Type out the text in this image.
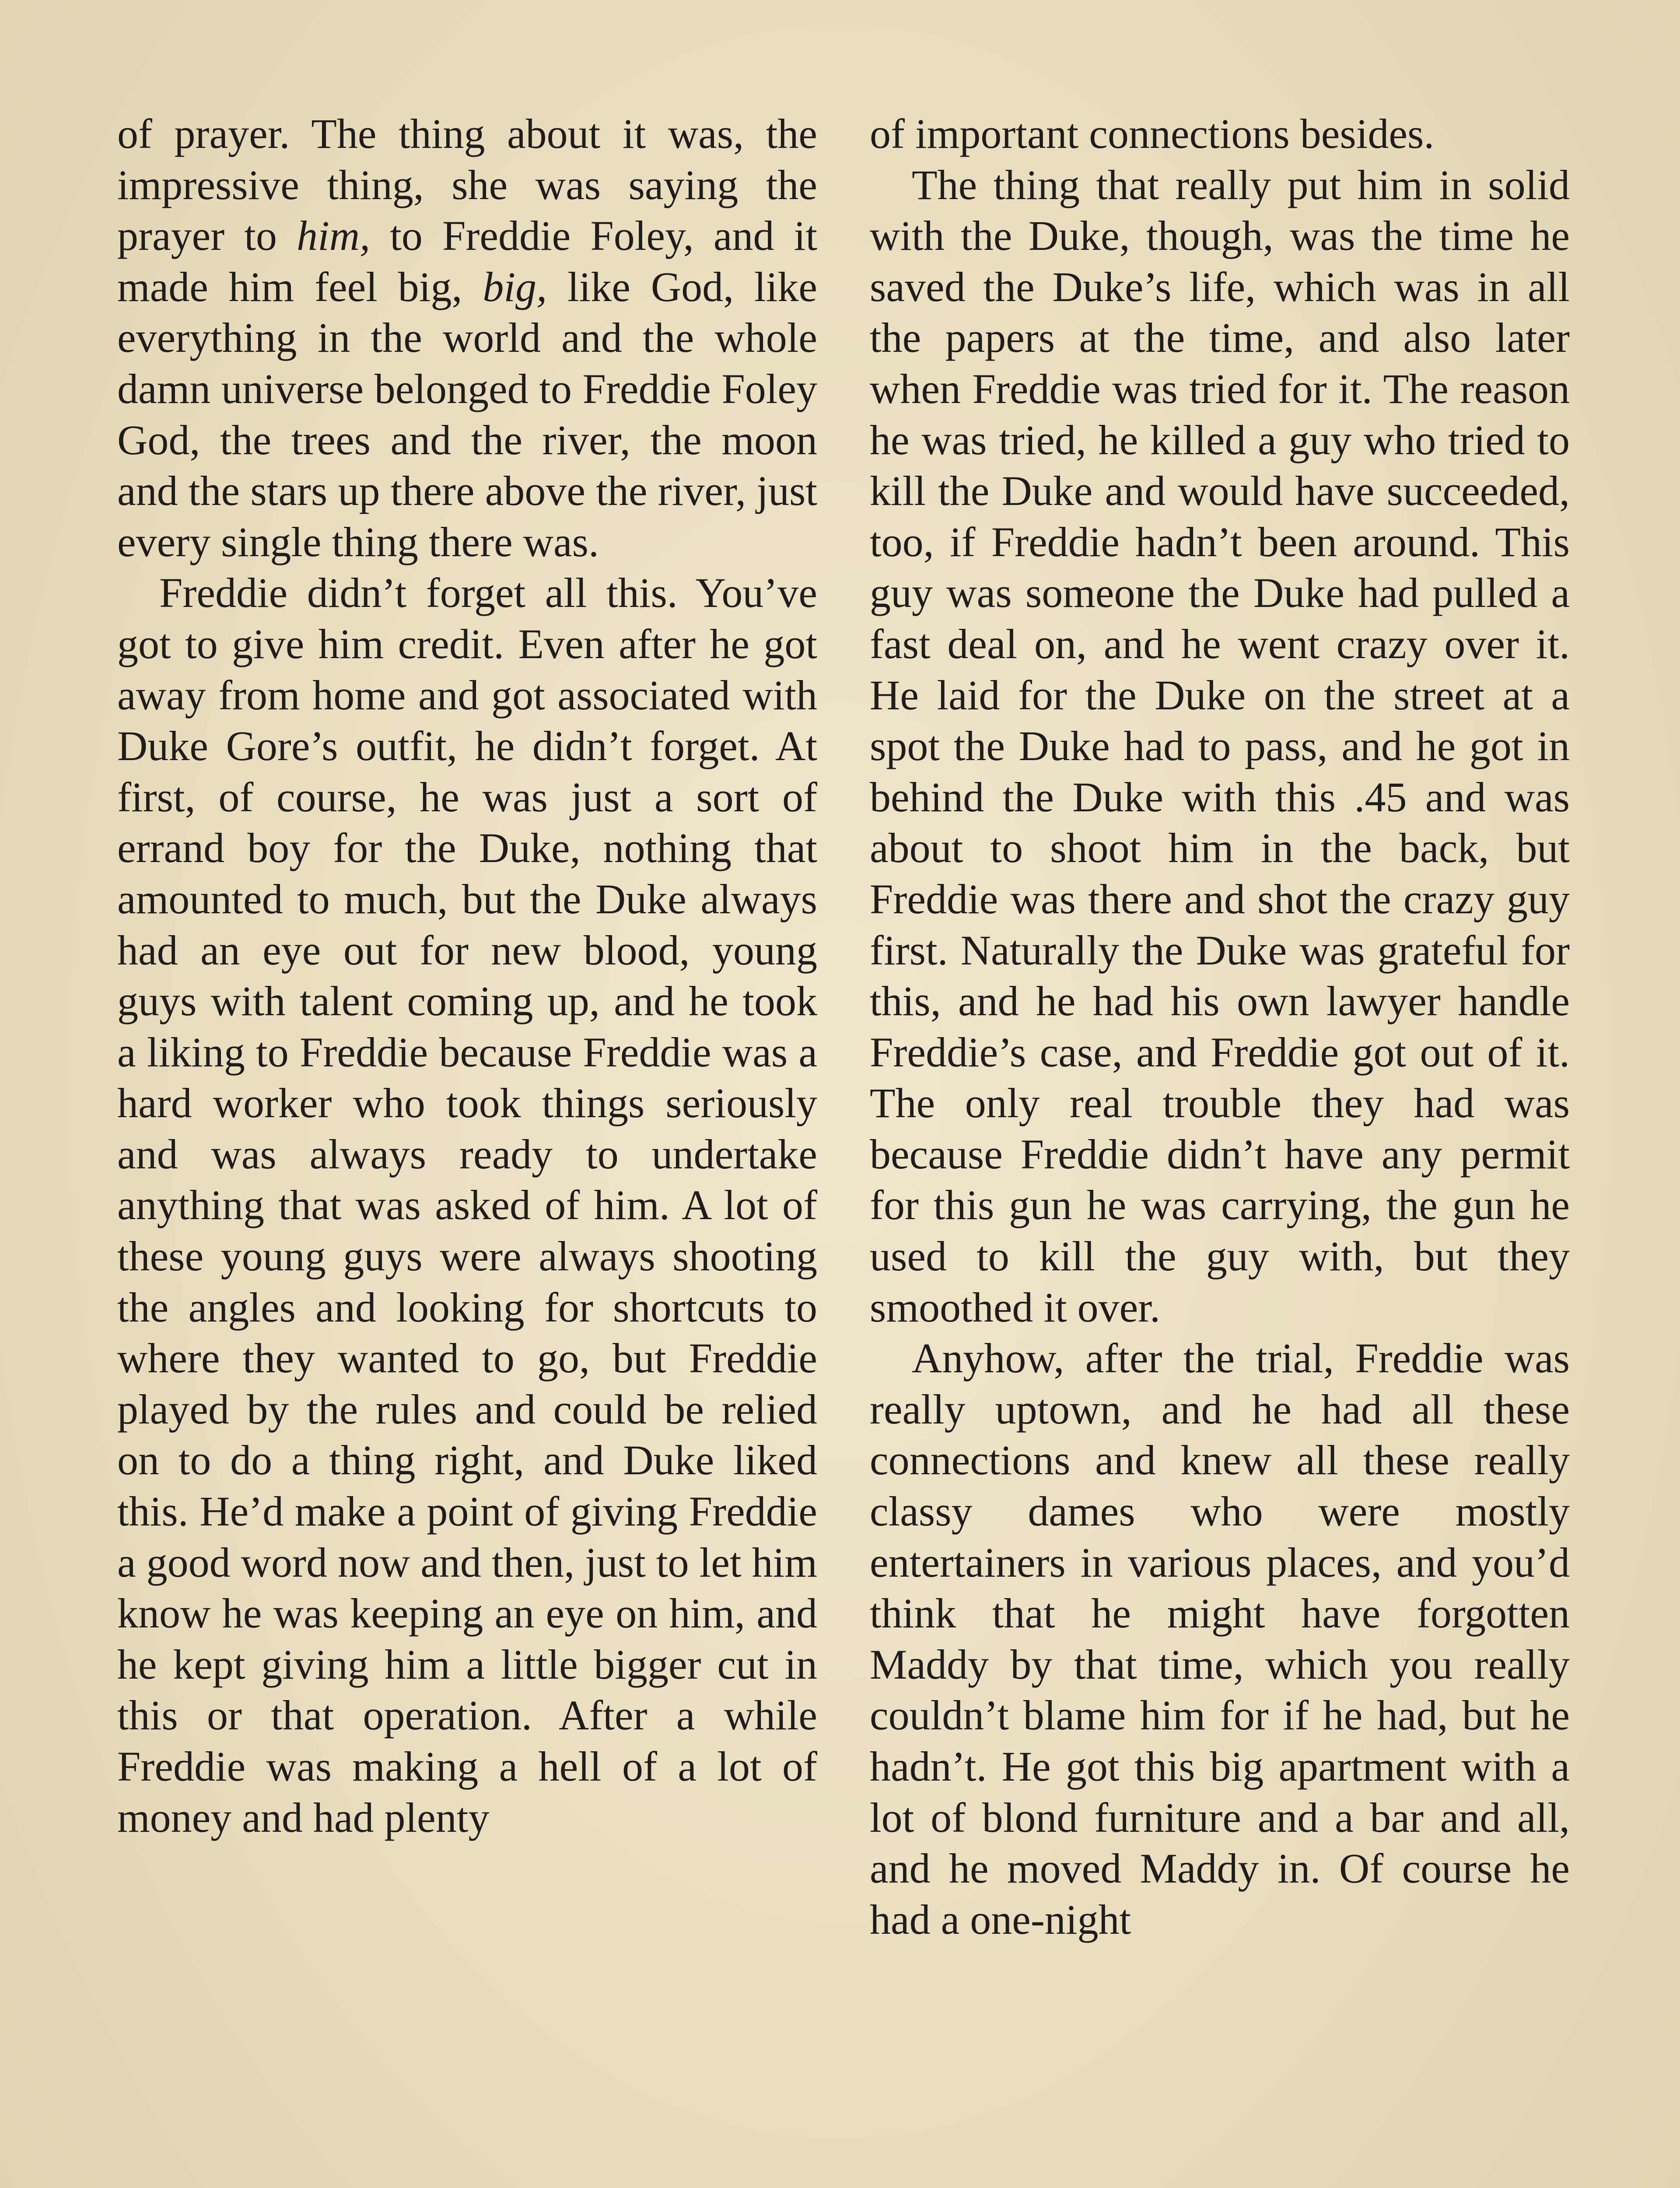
of prayer. The thing about it was, the impressive thing, she was saying the prayer to him, to Freddie Foley, and it made him feel big, big, like God, like everything in the world and the whole damn universe belonged to Freddie Foley God, the trees and the river, the moon and the stars up there above the river, just every single thing there was.

Freddie didn’t forget all this. You’ve got to give him credit. Even after he got away from home and got associated with Duke Gore’s outfit, he didn’t forget. At first, of course, he was just a sort of errand boy for the Duke, nothing that amounted to much, but the Duke always had an eye out for new blood, young guys with talent coming up, and he took a liking to Freddie because Freddie was a hard worker who took things seriously and was always ready to undertake anything that was asked of him. A lot of these young guys were always shooting the angles and looking for shortcuts to where they wanted to go, but Freddie played by the rules and could be relied on to do a thing right, and Duke liked this. He’d make a point of giving Freddie a good word now and then, just to let him know he was keeping an eye on him, and he kept giving him a little bigger cut in this or that operation. After a while Freddie was making a hell of a lot of money and had plenty

of important connections besides.

The thing that really put him in solid with the Duke, though, was the time he saved the Duke’s life, which was in all the papers at the time, and also later when Freddie was tried for it. The reason he was tried, he killed a guy who tried to kill the Duke and would have succeeded, too, if Freddie hadn’t been around. This guy was someone the Duke had pulled a fast deal on, and he went crazy over it. He laid for the Duke on the street at a spot the Duke had to pass, and he got in behind the Duke with this .45 and was about to shoot him in the back, but Freddie was there and shot the crazy guy first. Naturally the Duke was grateful for this, and he had his own lawyer handle Freddie’s case, and Freddie got out of it. The only real trouble they had was because Freddie didn’t have any permit for this gun he was carrying, the gun he used to kill the guy with, but they smoothed it over.

Anyhow, after the trial, Freddie was really uptown, and he had all these connections and knew all these really classy dames who were mostly entertainers in various places, and you’d think that he might have forgotten Maddy by that time, which you really couldn’t blame him for if he had, but he hadn’t. He got this big apartment with a lot of blond furniture and a bar and all, and he moved Maddy in. Of course he had a one-night
